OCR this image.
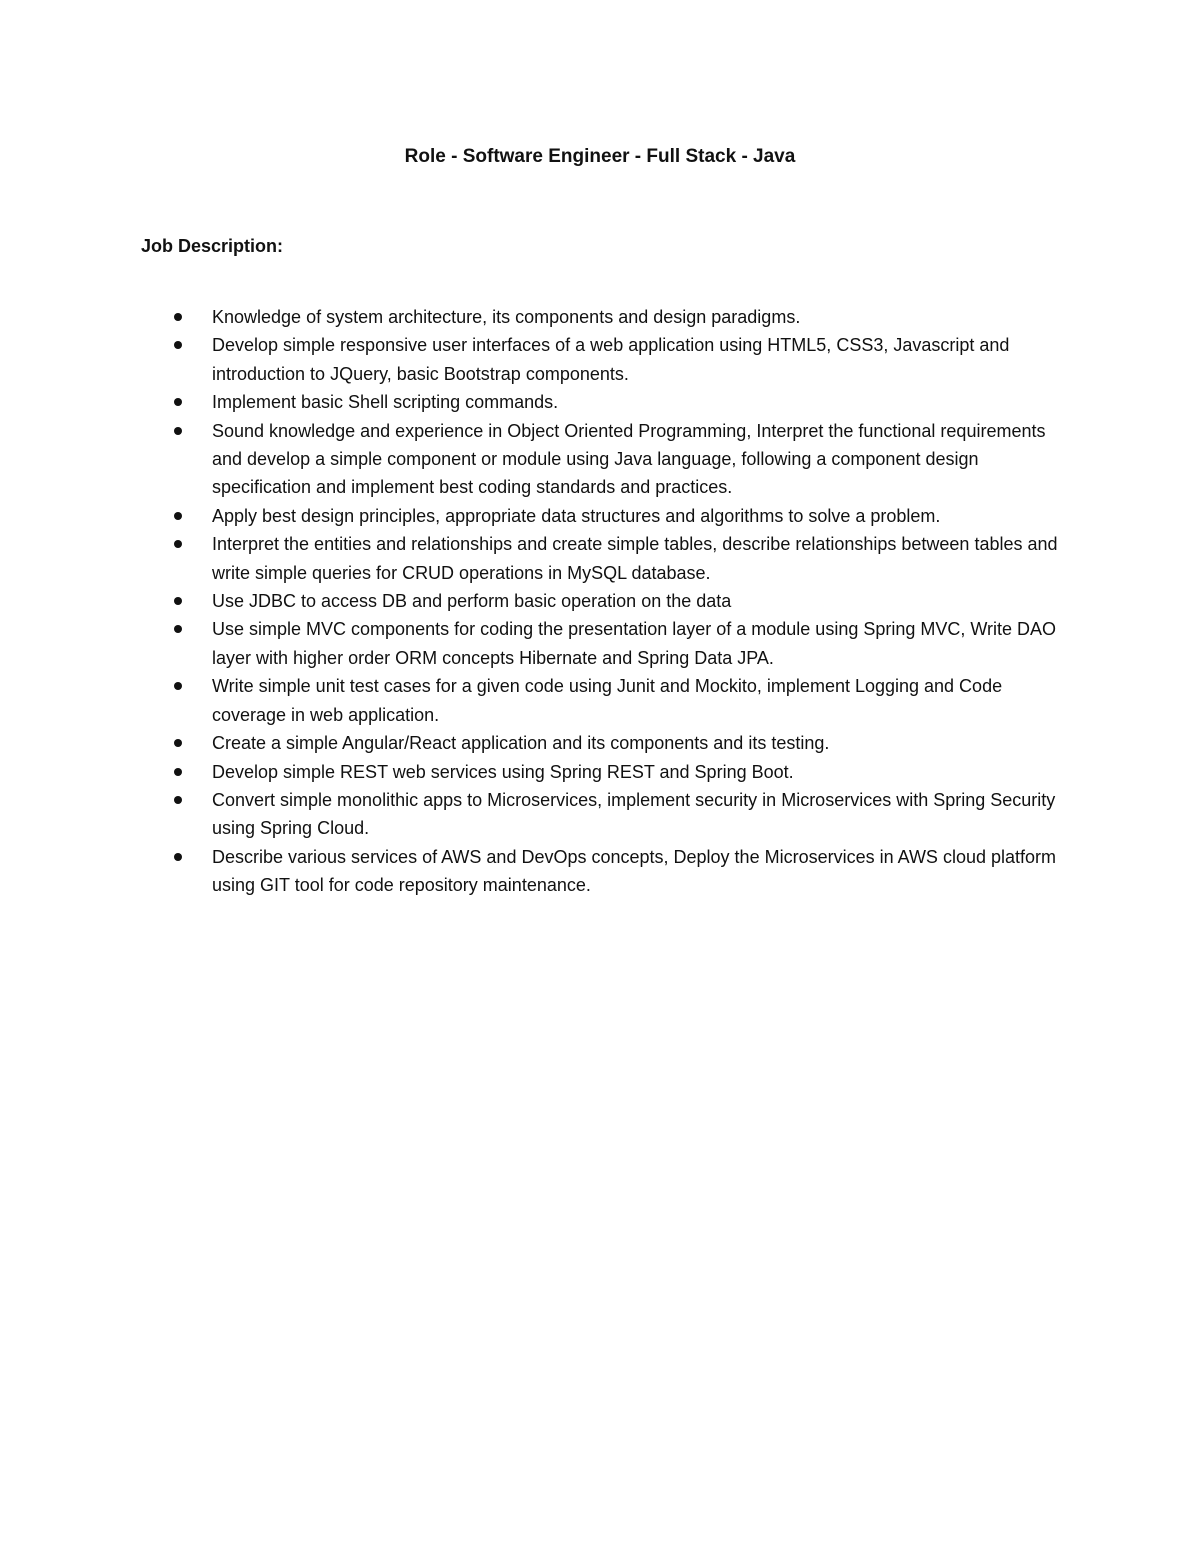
Role - Software Engineer - Full Stack - Java
Job Description:
Knowledge of system architecture, its components and design paradigms.
Develop simple responsive user interfaces of a web application using HTML5, CSS3, Javascript and introduction to JQuery, basic Bootstrap components.
Implement basic Shell scripting commands.
Sound knowledge and experience in Object Oriented Programming, Interpret the functional requirements and develop a simple component or module using Java language, following a component design specification and implement best coding standards and practices.
Apply best design principles, appropriate data structures and algorithms to solve a problem.
Interpret the entities and relationships and create simple tables, describe relationships between tables and write simple queries for CRUD operations in MySQL database.
Use JDBC to access DB and perform basic operation on the data
Use simple MVC components for coding the presentation layer of a module using Spring MVC, Write DAO layer with higher order ORM concepts Hibernate and Spring Data JPA.
Write simple unit test cases for a given code using Junit and Mockito, implement Logging and Code coverage in web application.
Create a simple Angular/React application and its components and its testing.
Develop simple REST web services using Spring REST and Spring Boot.
Convert simple monolithic apps to Microservices, implement security in Microservices with Spring Security using Spring Cloud.
Describe various services of AWS and DevOps concepts, Deploy the Microservices in AWS cloud platform using GIT tool for code repository maintenance.
